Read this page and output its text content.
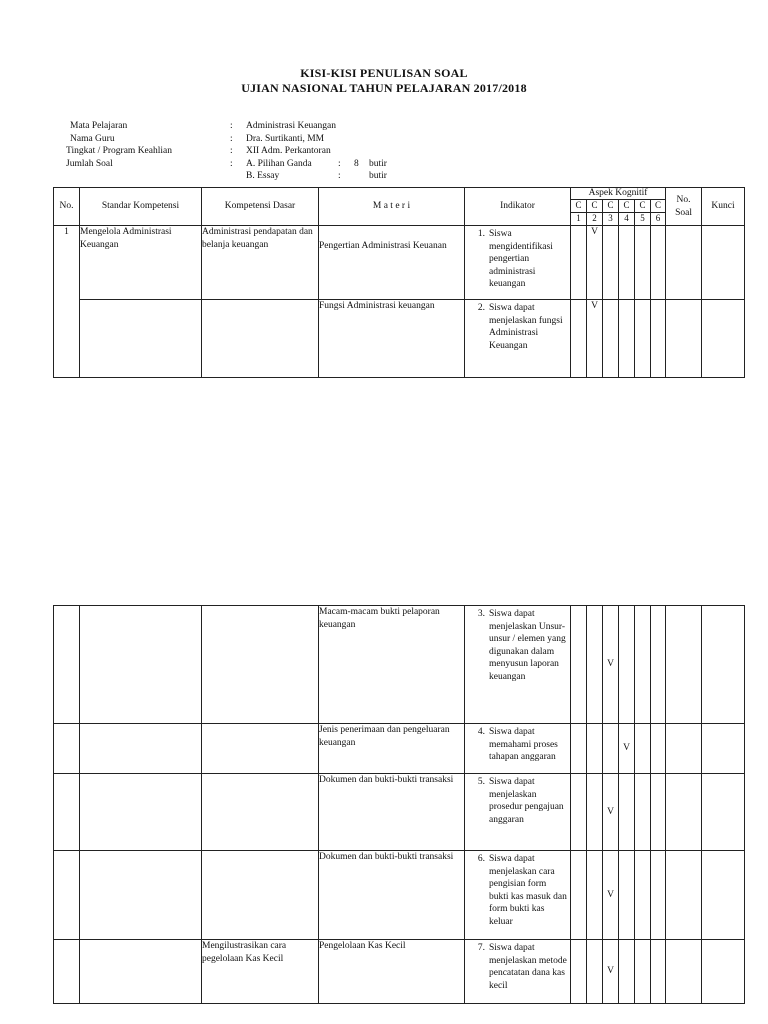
KISI-KISI PENULISAN SOAL
UJIAN NASIONAL TAHUN PELAJARAN 2017/2018
Mata Pelajaran	: Administrasi Keuangan
Nama Guru	: Dra. Surtikanti, MM
Tingkat / Program Keahlian	: XII Adm. Perkantoran
Jumlah Soal	: A. Pilihan Ganda	: 8 butir
B. Essay	:	butir
No.	Standar Kompetensi	Kompetensi Dasar	M a t e r i	Indikator	Aspek Kognitif						No.
Soal	Kunci
					C	C	C	C	C	C		
					1	2	3	4	5	6		
1	Mengelola Administrasi Keuangan	Administrasi pendapatan dan belanja keuangan	Pengertian Administrasi Keuanan	1. Siswa mengidentifikasi pengertian administrasi keuangan		V						
			Fungsi Administrasi keuangan	2. Siswa dapat menjelaskan fungsi Administrasi Keuangan		V						
			Macam-macam bukti pelaporan keuangan	3. Siswa dapat menjelaskan Unsur-unsur / elemen yang digunakan dalam menyusun laporan keuangan			V					
			Jenis penerimaan dan pengeluaran keuangan	4. Siswa dapat memahami proses tahapan anggaran				V				
			Dokumen dan bukti-bukti transaksi	5. Siswa dapat menjelaskan prosedur pengajuan anggaran			V					
			Dokumen dan bukti-bukti transaksi	6. Siswa dapat menjelaskan cara pengisian form bukti kas masuk dan form bukti kas keluar			V					
		Mengilustrasikan cara pegelolaan Kas Kecil	Pengelolaan Kas Kecil	7. Siswa dapat menjelaskan metode pencatatan dana kas kecil			V					
